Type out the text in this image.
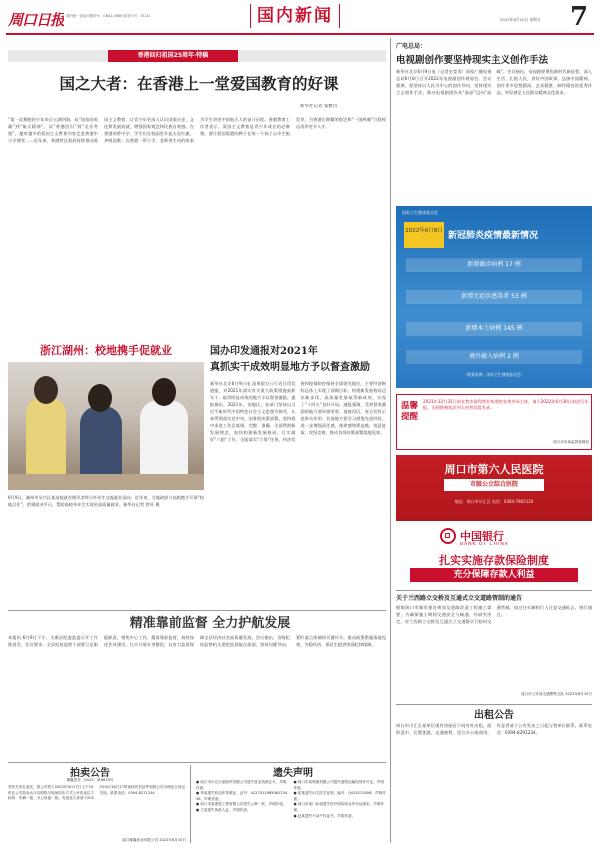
周口日报 国内统一连续出版物号：CN41-0066 邮发代号：35-31	国内新闻	2022年6月10日 星期五	7
香港回归祖国25周年·特稿
国之大者：在香港上一堂爱国教育的好课
新华社记者 张雅诗
“第一次赛跑的少年来自五湖四海，从“国家的英雄”到“航天精神”，从“香港回归”到“北京冬奥”，越来越多的爱国主义教育内容走进香港中小学课堂……近年来，香港特区政府持续推动爱国主义教育，让青少年更深入认识国家历史、文化和发展成就，增强国家观念和民族自豪感。在香港培侨中学，学生们在校园里升起五星红旗，齐唱国歌；在香港一所小学，老师用生动的故事为学生讲述中国航天人的奋斗历程。香港教育工作者表示，爱国主义教育是青少年成长的必修课，要让爱国爱港的种子在每一个孩子心中生根发芽，为香港长期繁荣稳定和“一国两制”行稳致远培养更多人才。
浙江湖州：校地携手促就业
6月9日，湖州市吴兴区某高校就业指导老师与毕业生交流就业意向。近年来，当地政府与高校携手开展“校地合作”，搭建就业平台，帮助高校毕业生实现更高质量就业。新华社记者 徐昱 摄
国办印发通报对2021年
真抓实干成效明显地方予以督查激励
新华社北京6月9日电 国务院办公厅近日印发通报，对2021年落实有关重大政策措施真抓实干、取得明显成效的地方予以督查激励。通报指出，2021年，各地区、各部门坚持以习近平新时代中国特色社会主义思想为指导，认真贯彻落实党中央、国务院决策部署，坚持稳中求进工作总基调，完整、准确、全面贯彻新发展理念，加快构建新发展格局，扎实做好“六稳”工作、全面落实“六保”任务，经济发展和疫情防控保持全球领先地位，主要经济指标总体上实现了预期目标，构建新发展格局迈出新步伐，高质量发展取得新成效，实现了“十四五”良好开局。通报强调，受到督查激励的地方要珍惜荣誉、再接再厉，充分发挥示范带动作用；其他地方要学习借鉴先进经验，进一步增强责任感、使命感和紧迫感，锐意进取、攻坚克难，推动各项决策部署落地见效。
精准靠前监督 全力护航发展
本报讯 6月9日下午，太康县纪委监委召开工作推进会，会议要求，全县纪检监察干部要立足职能职责，聚焦中心工作，精准靠前监督，持续深化作风建设，扎实开展专项整治，以有力监督保障全县经济社会高质量发展。会议指出，各级纪检监察机关要把监督挺在前面，坚持问题导向，紧盯重点领域和关键环节，推动政策措施落地见效，为稳经济、保民生提供坚强纪律保障。
拍卖公告
豫鑫拍告〔2022〕第0615号
受有关单位委托，我公司将于2022年6月17日上午10时在公司拍卖大厅以网络与现场同步方式公开拍卖以下标的：车辆一批、办公设备一批。有意竞买者请于2022年6月16日17时前持有效证件到我公司办理竞买登记手续。联系电话：0394-8271234
周口豫鑫拍卖有限公司 2022年6月10日
遗失声明
● 周口市川汇区某商贸有限公司遗失营业执照正本，声明作废。
● 李某遗失机动车驾驶证，证号：412701198506123456，声明作废。
● 周口市某建筑工程有限公司遗失公章一枚，声明作废。
● 王某遗失残疾人证，声明作废。
● 周口市某物流有限公司遗失道路运输经营许可证，声明作废。
● 张某遗失出生医学证明，编号：Q410123456，声明作废。
● 周口市某门诊部遗失医疗机构执业许可证副本，声明作废。
● 赵某遗失不动产权证书，声明作废。
广电总局：
电视剧创作要坚持现实主义创作手法
新华社北京6月9日电（记者史竞男）国家广播电视总局6月8日召开2022年电视剧创作规划会。会议强调，要坚持以人民为中心的创作导向，坚持现实主义创作手法，推动电视剧创作从“高原”迈向“高峰”。会议指出，电视剧要聚焦新时代新征程，深入生活、扎根人民，讲好中国故事，弘扬中国精神，创作更多思想精深、艺术精湛、制作精良的优秀作品，更好满足人民群众精神文化需求。
国家卫生健康委员会
2022年6月8日 新冠肺炎疫情最新情况
新增确诊病例 17 例
新增无症状感染者 53 例
新增本土病例 145 例
境外输入病例 2 例
（数据来源：国家卫生健康委员会）
温馨提醒
2021年12月31日前在我市取得营业执照的各类市场主体，请于2022年6月30日前进行年报，否则将被依法列入经营异常名录。
周口市市场监督管理局
周口市第六人民医院
市级公立综合医院
地址：周口市川汇区 电话：0394-7865120
中国银行
BANK OF CHINA
扎实实施存款保险制度
充分保障存款人利益
关于兰西路立交桥及互通式立交道路管制的通告
根据周口市城市建设规划及道路改造工程施工需要，为确保施工期间交通安全与畅通，经研究决定，对兰西路立交桥及互通式立交道路实行临时交通管制。请过往车辆和行人注意交通标志，绕行通过。
周口市公安局交通警察支队 2022年6月10日
出租公告
周口市川汇区某单位现有房屋若干间对外出租，面积适中，位置优越，交通便利，适合办公或商用。有意者请于公告发布之日起与我单位联系。联系电话：0394-8291234。
